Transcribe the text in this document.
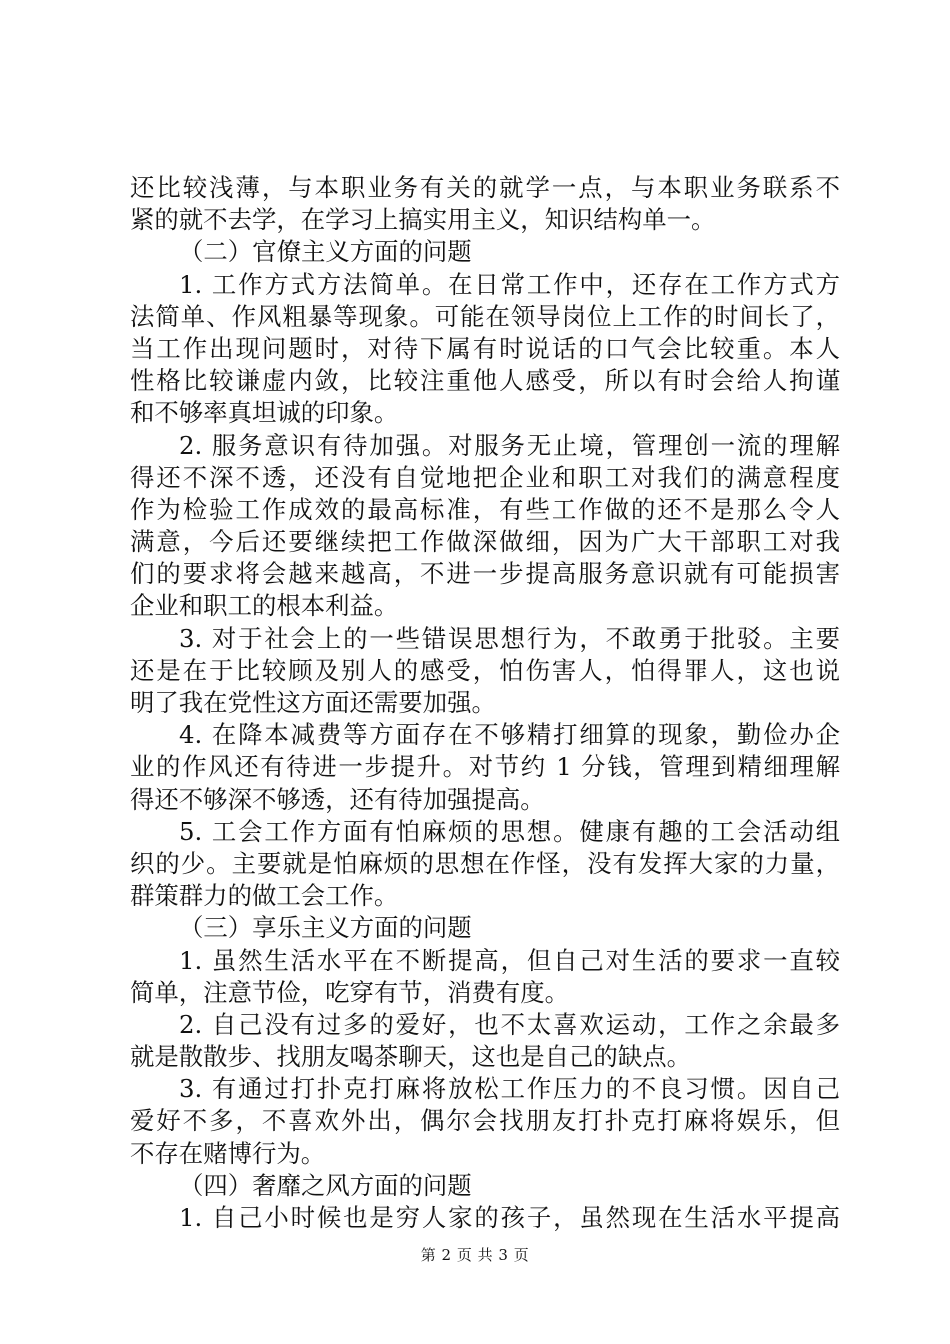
还比较浅薄，与本职业务有关的就学一点，与本职业务联系不
紧的就不去学，在学习上搞实用主义，知识结构单一。
（二）官僚主义方面的问题
1. 工作方式方法简单。在日常工作中，还存在工作方式方
法简单、作风粗暴等现象。可能在领导岗位上工作的时间长了，
当工作出现问题时，对待下属有时说话的口气会比较重。本人
性格比较谦虚内敛，比较注重他人感受，所以有时会给人拘谨
和不够率真坦诚的印象。
2. 服务意识有待加强。对服务无止境，管理创一流的理解
得还不深不透，还没有自觉地把企业和职工对我们的满意程度
作为检验工作成效的最高标准，有些工作做的还不是那么令人
满意，今后还要继续把工作做深做细，因为广大干部职工对我
们的要求将会越来越高，不进一步提高服务意识就有可能损害
企业和职工的根本利益。
3. 对于社会上的一些错误思想行为，不敢勇于批驳。主要
还是在于比较顾及别人的感受，怕伤害人，怕得罪人，这也说
明了我在党性这方面还需要加强。
4. 在降本减费等方面存在不够精打细算的现象，勤俭办企
业的作风还有待进一步提升。对节约 1 分钱，管理到精细理解
得还不够深不够透，还有待加强提高。
5. 工会工作方面有怕麻烦的思想。健康有趣的工会活动组
织的少。主要就是怕麻烦的思想在作怪，没有发挥大家的力量，
群策群力的做工会工作。
（三）享乐主义方面的问题
1. 虽然生活水平在不断提高，但自己对生活的要求一直较
简单，注意节俭，吃穿有节，消费有度。
2. 自己没有过多的爱好，也不太喜欢运动，工作之余最多
就是散散步、找朋友喝茶聊天，这也是自己的缺点。
3. 有通过打扑克打麻将放松工作压力的不良习惯。因自己
爱好不多，不喜欢外出，偶尔会找朋友打扑克打麻将娱乐，但
不存在赌博行为。
（四）奢靡之风方面的问题
1. 自己小时候也是穷人家的孩子，虽然现在生活水平提高
第 2 页 共 3 页
